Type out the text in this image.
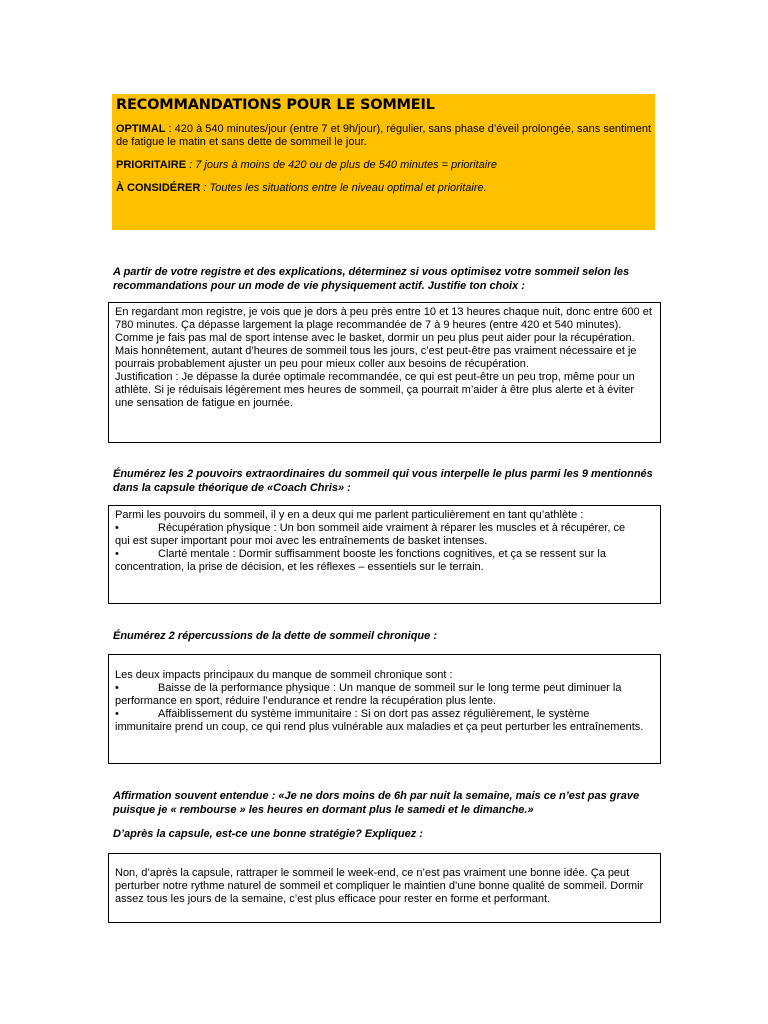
RECOMMANDATIONS POUR LE SOMMEIL

OPTIMAL : 420 à 540 minutes/jour (entre 7 et 9h/jour), régulier, sans phase d’éveil prolongée, sans sentiment de fatigue le matin et sans dette de sommeil le jour.

PRIORITAIRE : 7 jours à moins de 420 ou de plus de 540 minutes = prioritaire

À CONSIDÉRER : Toutes les situations entre le niveau optimal et prioritaire.

A partir de votre registre et des explications, déterminez si vous optimisez votre sommeil selon les recommandations pour un mode de vie physiquement actif. Justifie ton choix :

En regardant mon registre, je vois que je dors à peu près entre 10 et 13 heures chaque nuit, donc entre 600 et 780 minutes. Ça dépasse largement la plage recommandée de 7 à 9 heures (entre 420 et 540 minutes). Comme je fais pas mal de sport intense avec le basket, dormir un peu plus peut aider pour la récupération. Mais honnêtement, autant d’heures de sommeil tous les jours, c’est peut-être pas vraiment nécessaire et je pourrais probablement ajuster un peu pour mieux coller aux besoins de récupération.

Justification : Je dépasse la durée optimale recommandée, ce qui est peut-être un peu trop, même pour un athlète. Si je réduisais légèrement mes heures de sommeil, ça pourrait m’aider à être plus alerte et à éviter une sensation de fatigue en journée.

Énumérez les 2 pouvoirs extraordinaires du sommeil qui vous interpelle le plus parmi les 9 mentionnés dans la capsule théorique de «Coach Chris» :

Parmi les pouvoirs du sommeil, il y en a deux qui me parlent particulièrement en tant qu’athlète :

•	Récupération physique : Un bon sommeil aide vraiment à réparer les muscles et à récupérer, ce

qui est super important pour moi avec les entraînements de basket intenses.

•	Clarté mentale : Dormir suffisamment booste les fonctions cognitives, et ça se ressent sur la

concentration, la prise de décision, et les réflexes – essentiels sur le terrain.

Énumérez 2 répercussions de la dette de sommeil chronique :

Les deux impacts principaux du manque de sommeil chronique sont :

•	Baisse de la performance physique : Un manque de sommeil sur le long terme peut diminuer la

performance en sport, réduire l’endurance et rendre la récupération plus lente.

•	Affaiblissement du système immunitaire : Si on dort pas assez régulièrement, le système

immunitaire prend un coup, ce qui rend plus vulnérable aux maladies et ça peut perturber les entraînements.

Affirmation souvent entendue : «Je ne dors moins de 6h par nuit la semaine, mais ce n’est pas grave puisque je « rembourse » les heures en dormant plus le samedi et le dimanche.»

D’après la capsule, est-ce une bonne stratégie? Expliquez :

Non, d’après la capsule, rattraper le sommeil le week-end, ce n’est pas vraiment une bonne idée. Ça peut perturber notre rythme naturel de sommeil et compliquer le maintien d’une bonne qualité de sommeil. Dormir assez tous les jours de la semaine, c’est plus efficace pour rester en forme et performant.
